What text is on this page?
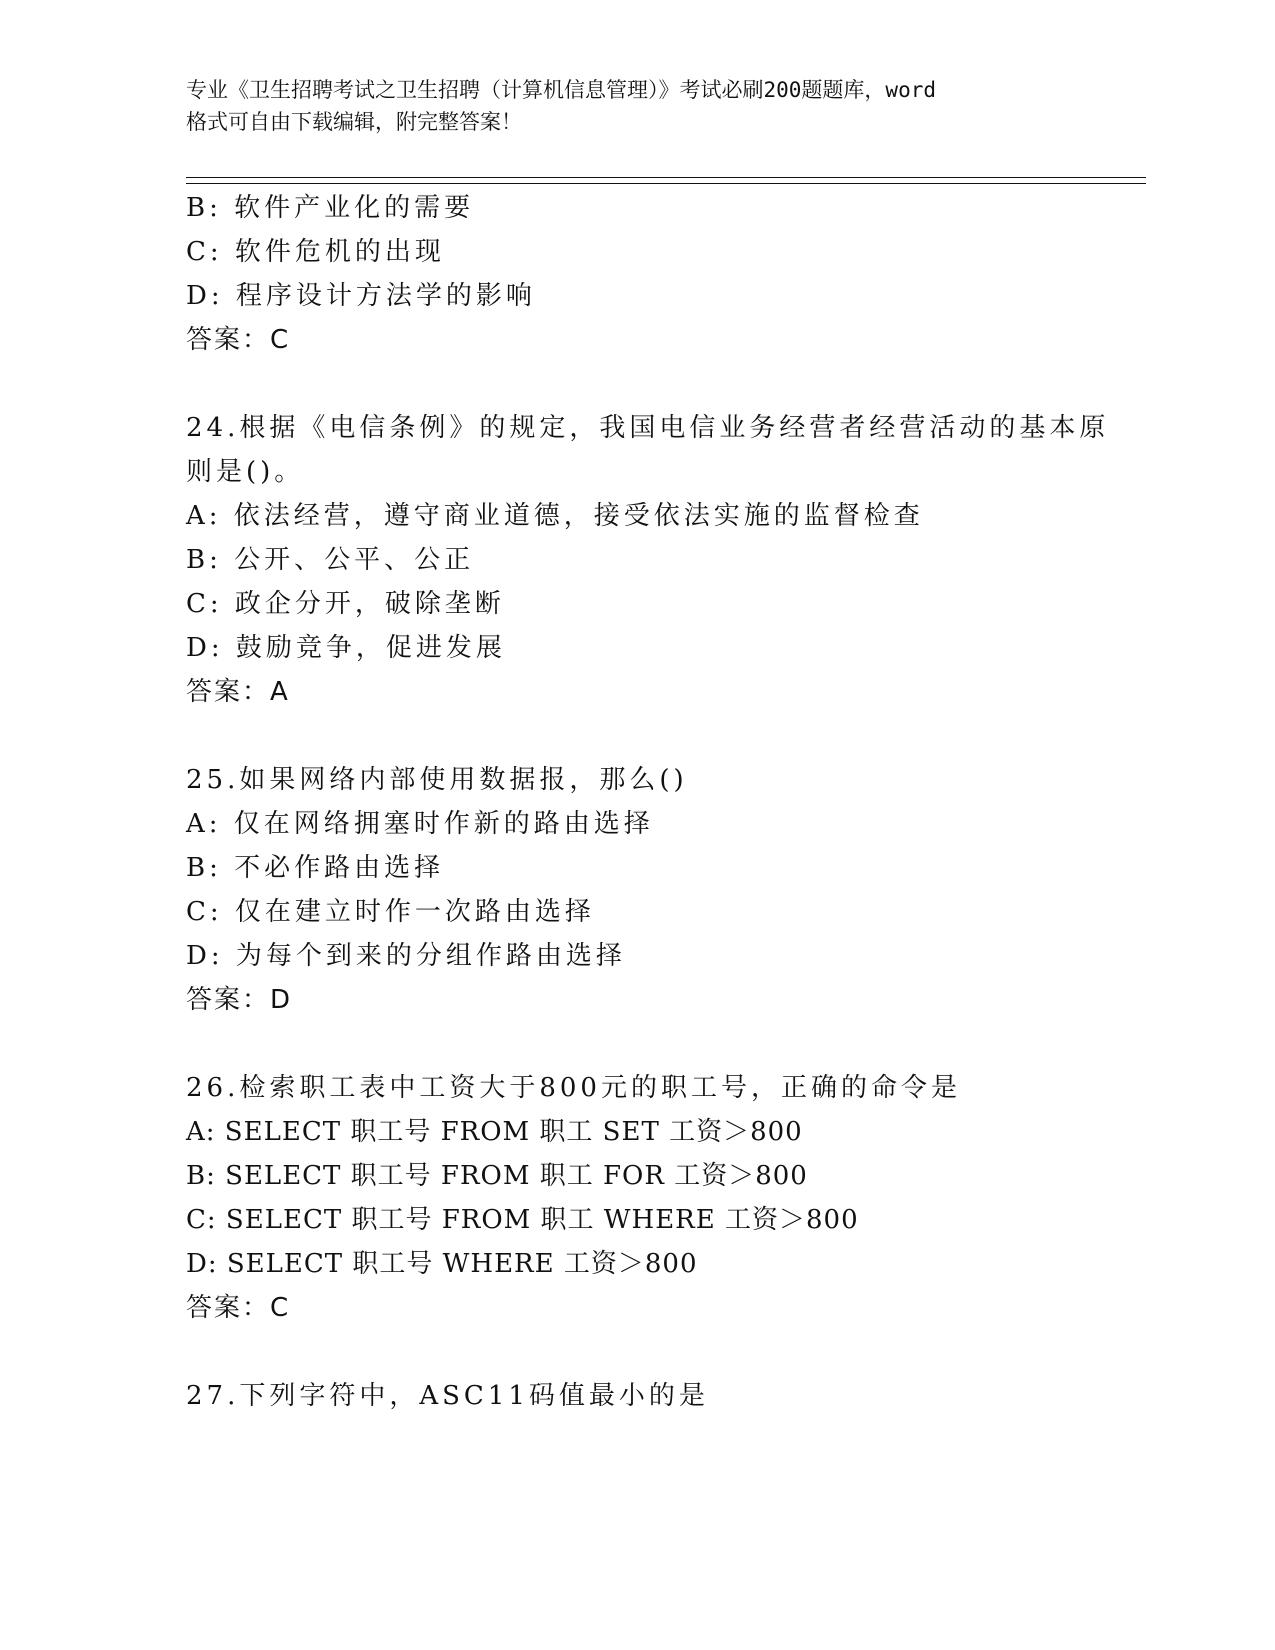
专业《卫生招聘考试之卫生招聘（计算机信息管理）》考试必刷200题题库，word
格式可自由下载编辑，附完整答案！
B: 软件产业化的需要
C: 软件危机的出现
D: 程序设计方法学的影响
答案：C
24.根据《电信条例》的规定，我国电信业务经营者经营活动的基本原
则是()。
A: 依法经营，遵守商业道德，接受依法实施的监督检查
B: 公开、公平、公正
C: 政企分开，破除垄断
D: 鼓励竞争，促进发展
答案：A
25.如果网络内部使用数据报，那么()
A: 仅在网络拥塞时作新的路由选择
B: 不必作路由选择
C: 仅在建立时作一次路由选择
D: 为每个到来的分组作路由选择
答案：D
26.检索职工表中工资大于800元的职工号，正确的命令是
A: SELECT 职工号 FROM 职工 SET 工资＞800
B: SELECT 职工号 FROM 职工 FOR 工资＞800
C: SELECT 职工号 FROM 职工 WHERE 工资＞800
D: SELECT 职工号 WHERE 工资＞800
答案：C
27.下列字符中，ASC11码值最小的是
